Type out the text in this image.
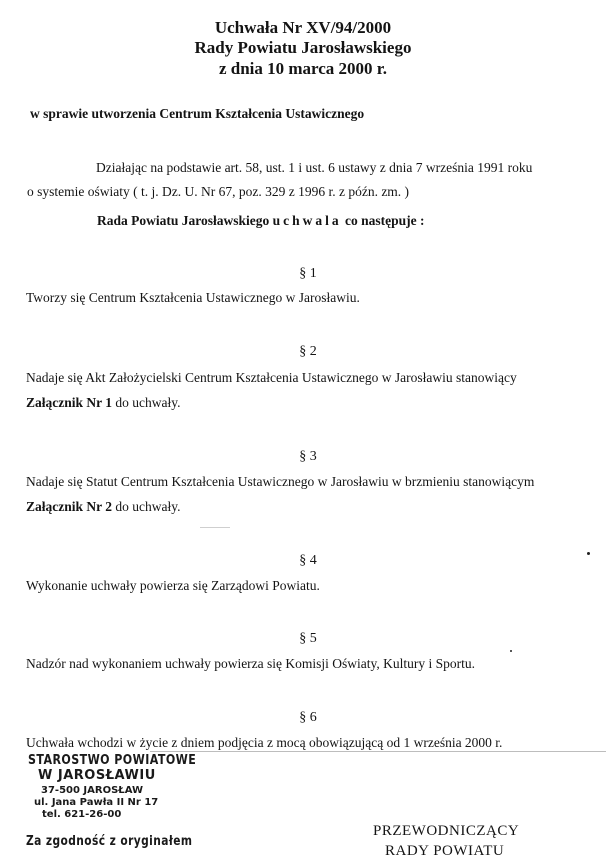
Uchwała Nr XV/94/2000
Rady Powiatu Jarosławskiego
z dnia 10 marca 2000 r.
w sprawie utworzenia Centrum Kształcenia Ustawicznego
Działając na podstawie art. 58, ust. 1 i ust. 6 ustawy z dnia 7 września 1991 roku
o systemie oświaty ( t. j. Dz. U. Nr 67, poz. 329 z 1996 r. z późn. zm. )
Rada Powiatu Jarosławskiego uchwala co następuje :
§ 1
Tworzy się Centrum Kształcenia Ustawicznego w Jarosławiu.
§ 2
Nadaje się Akt Założycielski Centrum Kształcenia Ustawicznego w Jarosławiu stanowiący
Załącznik Nr 1 do uchwały.
§ 3
Nadaje się Statut Centrum Kształcenia Ustawicznego w Jarosławiu w brzmieniu stanowiącym
Załącznik Nr 2 do uchwały.
§ 4
Wykonanie uchwały powierza się Zarządowi Powiatu.
§ 5
Nadzór nad wykonaniem uchwały powierza się Komisji Oświaty, Kultury i Sportu.
§ 6
Uchwała wchodzi w życie z dniem podjęcia z mocą obowiązującą od 1 września 2000 r.
STAROSTWO POWIATOWE
W JAROSŁAWIU
37-500 JAROSŁAW
ul. Jana Pawła II Nr 17
tel. 621-26-00
Za zgodność z oryginałem
PRZEWODNICZĄCY
RADY POWIATU
